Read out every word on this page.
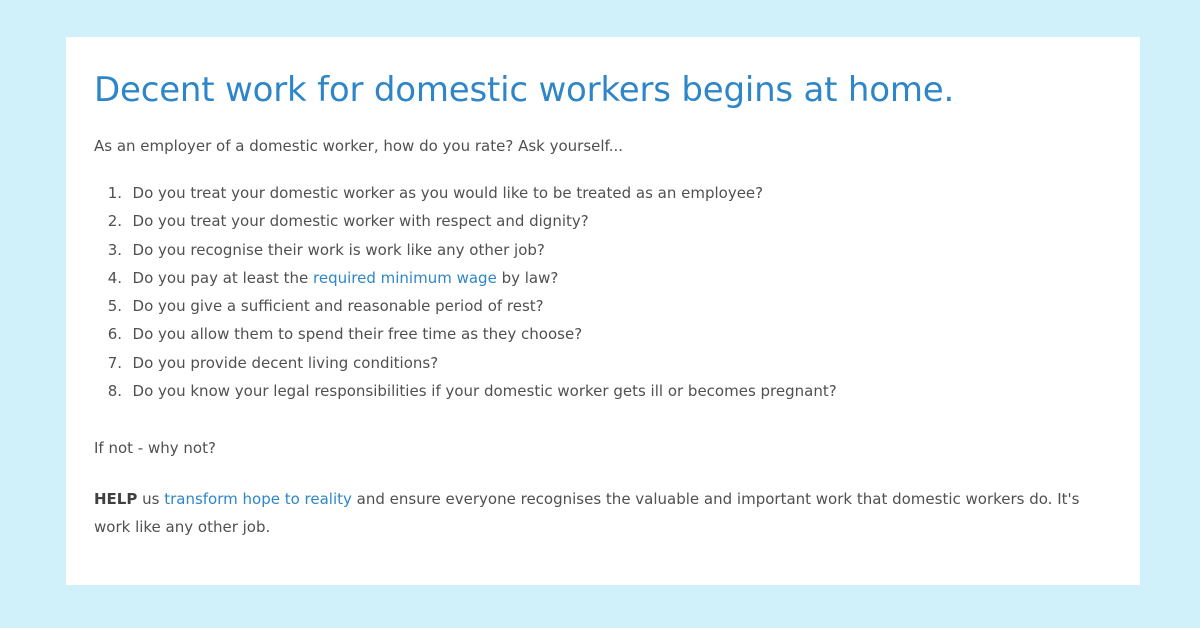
Decent work for domestic workers begins at home.

As an employer of a domestic worker, how do you rate? Ask yourself...

1. Do you treat your domestic worker as you would like to be treated as an employee?
2. Do you treat your domestic worker with respect and dignity?
3. Do you recognise their work is work like any other job?
4. Do you pay at least the required minimum wage by law?
5. Do you give a sufficient and reasonable period of rest?
6. Do you allow them to spend their free time as they choose?
7. Do you provide decent living conditions?
8. Do you know your legal responsibilities if your domestic worker gets ill or becomes pregnant?

If not - why not?

HELP us transform hope to reality and ensure everyone recognises the valuable and important work that domestic workers do. It's work like any other job.
